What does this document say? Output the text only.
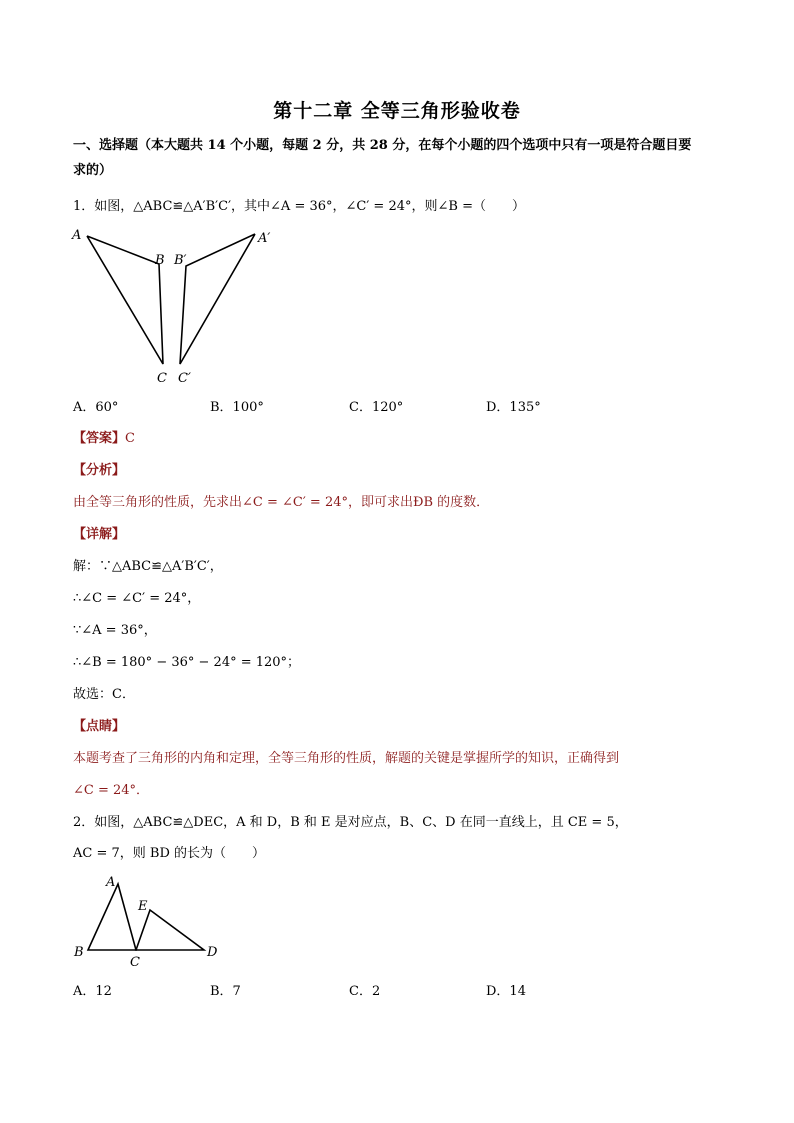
第十二章 全等三角形验收卷
一、选择题（本大题共 14 个小题，每题 2 分，共 28 分，在每个小题的四个选项中只有一项是符合题目要
求的）
1．如图，△ABC≌△A′B′C′，其中∠A = 36°，∠C′ = 24°，则∠B =（　　）
A
B B′
A′
C C′
A．60°	B．100°	C．120°	D．135°
【答案】C
【分析】
由全等三角形的性质，先求出∠C = ∠C′ = 24°，即可求出ÐB 的度数．
【详解】
解：∵△ABC≌△A′B′C′，
∴∠C = ∠C′ = 24°，
∵∠A = 36°，
∴∠B = 180° − 36° − 24° = 120°；
故选：C．
【点睛】
本题考查了三角形的内角和定理，全等三角形的性质，解题的关键是掌握所学的知识，正确得到
∠C = 24°．
2．如图，△ABC≌△DEC，A 和 D，B 和 E 是对应点，B、C、D 在同一直线上，且 CE = 5，
AC = 7，则 BD 的长为（　　）
A
E
B
C
D
A．12	B．7	C．2	D．14
